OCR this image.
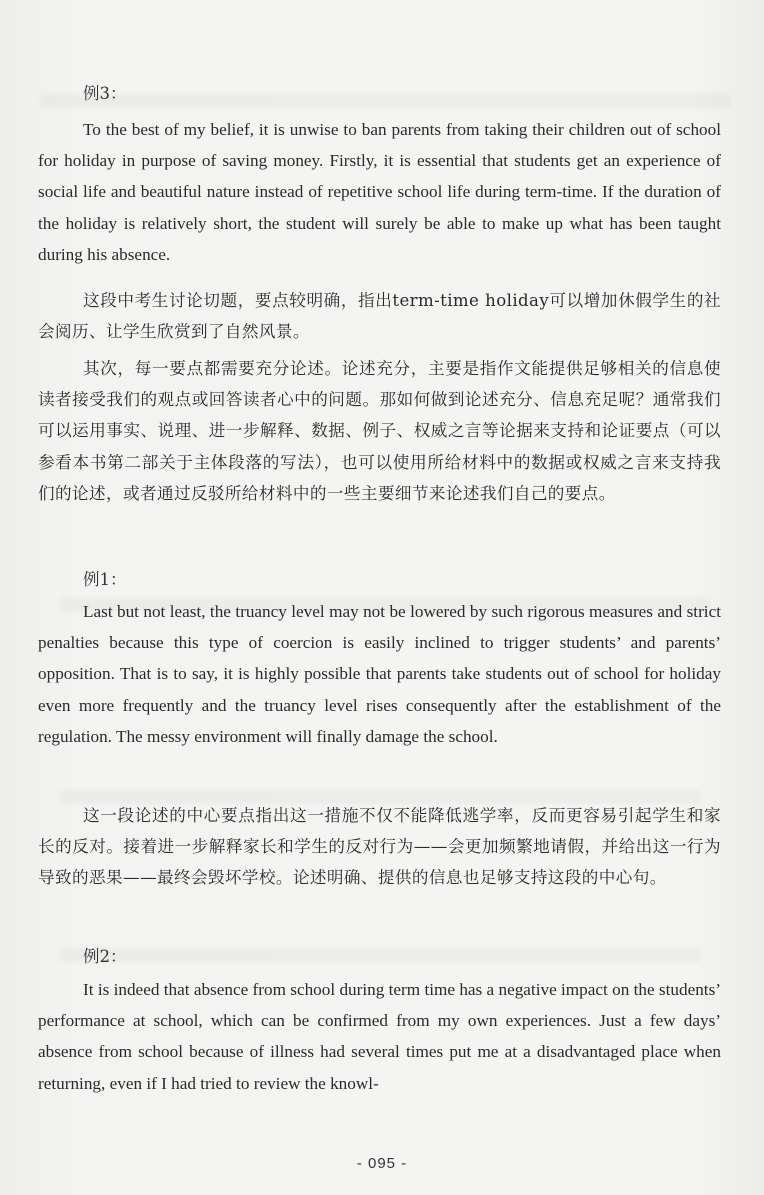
例3：

To the best of my belief, it is unwise to ban parents from taking their children out of school for holiday in purpose of saving money. Firstly, it is essential that students get an experience of social life and beautiful nature instead of repetitive school life during term-time. If the duration of the holiday is relatively short, the student will surely be able to make up what has been taught during his absence.

这段中考生讨论切题，要点较明确，指出term-time holiday可以增加休假学生的社会阅历、让学生欣赏到了自然风景。

其次，每一要点都需要充分论述。论述充分，主要是指作文能提供足够相关的信息使读者接受我们的观点或回答读者心中的问题。那如何做到论述充分、信息充足呢？通常我们可以运用事实、说理、进一步解释、数据、例子、权威之言等论据来支持和论证要点（可以参看本书第二部关于主体段落的写法），也可以使用所给材料中的数据或权威之言来支持我们的论述，或者通过反驳所给材料中的一些主要细节来论述我们自己的要点。

例1：

Last but not least, the truancy level may not be lowered by such rigorous measures and strict penalties because this type of coercion is easily inclined to trigger students’ and parents’ opposition. That is to say, it is highly possible that parents take students out of school for holiday even more frequently and the truancy level rises consequently after the establishment of the regulation. The messy environment will finally damage the school.

这一段论述的中心要点指出这一措施不仅不能降低逃学率，反而更容易引起学生和家长的反对。接着进一步解释家长和学生的反对行为——会更加频繁地请假，并给出这一行为导致的恶果——最终会毁坏学校。论述明确、提供的信息也足够支持这段的中心句。

例2：

It is indeed that absence from school during term time has a negative impact on the students’ performance at school, which can be confirmed from my own experiences. Just a few days’ absence from school because of illness had several times put me at a disadvantaged place when returning, even if I had tried to review the knowl-

- 095 -
